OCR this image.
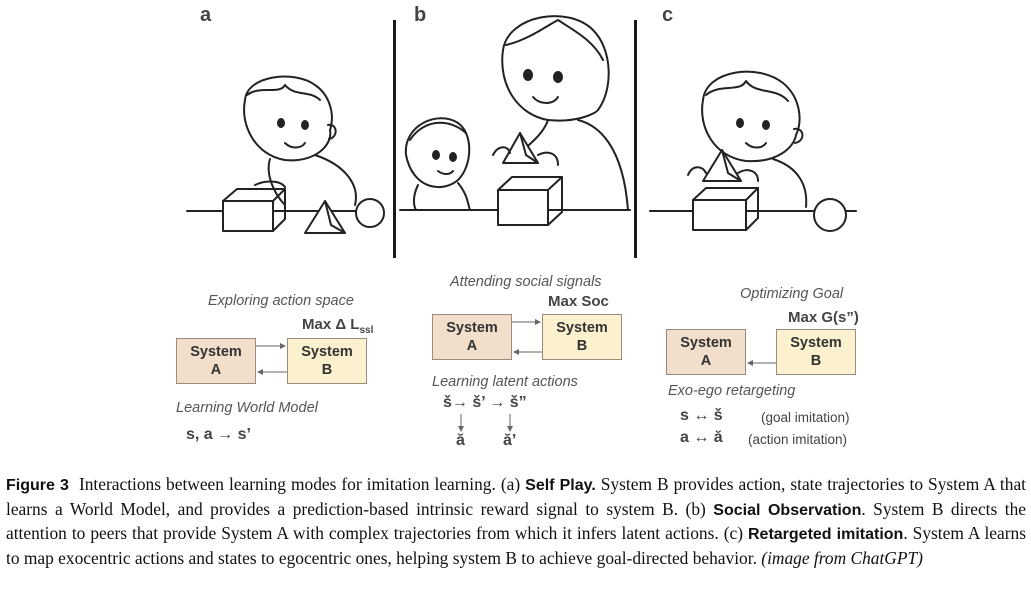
a	b	c
Exploring action space
Max Δ $L_{ssl}$
System
A
System
B
Learning World Model
s, a → s’
Attending social signals
Max Soc
System
A
System
B
Learning latent actions
š→ š’ → š”
ă ă’
Optimizing Goal
Max G(s”)
System
A
System
B
Exo-ego retargeting
s ↔ š	(goal imitation)
a ↔ ă (action imitation)
Figure 3 Interactions between learning modes for imitation learning. (a) Self Play. System B provides action, state trajectories to System A that learns a World Model, and provides a prediction-based intrinsic reward signal to system B. (b) Social Observation. System B directs the attention to peers that provide System A with complex trajectories from which it infers latent actions. (c) Retargeted imitation. System A learns to map exocentric actions and states to egocentric ones, helping system B to achieve goal-directed behavior. (image from ChatGPT)
